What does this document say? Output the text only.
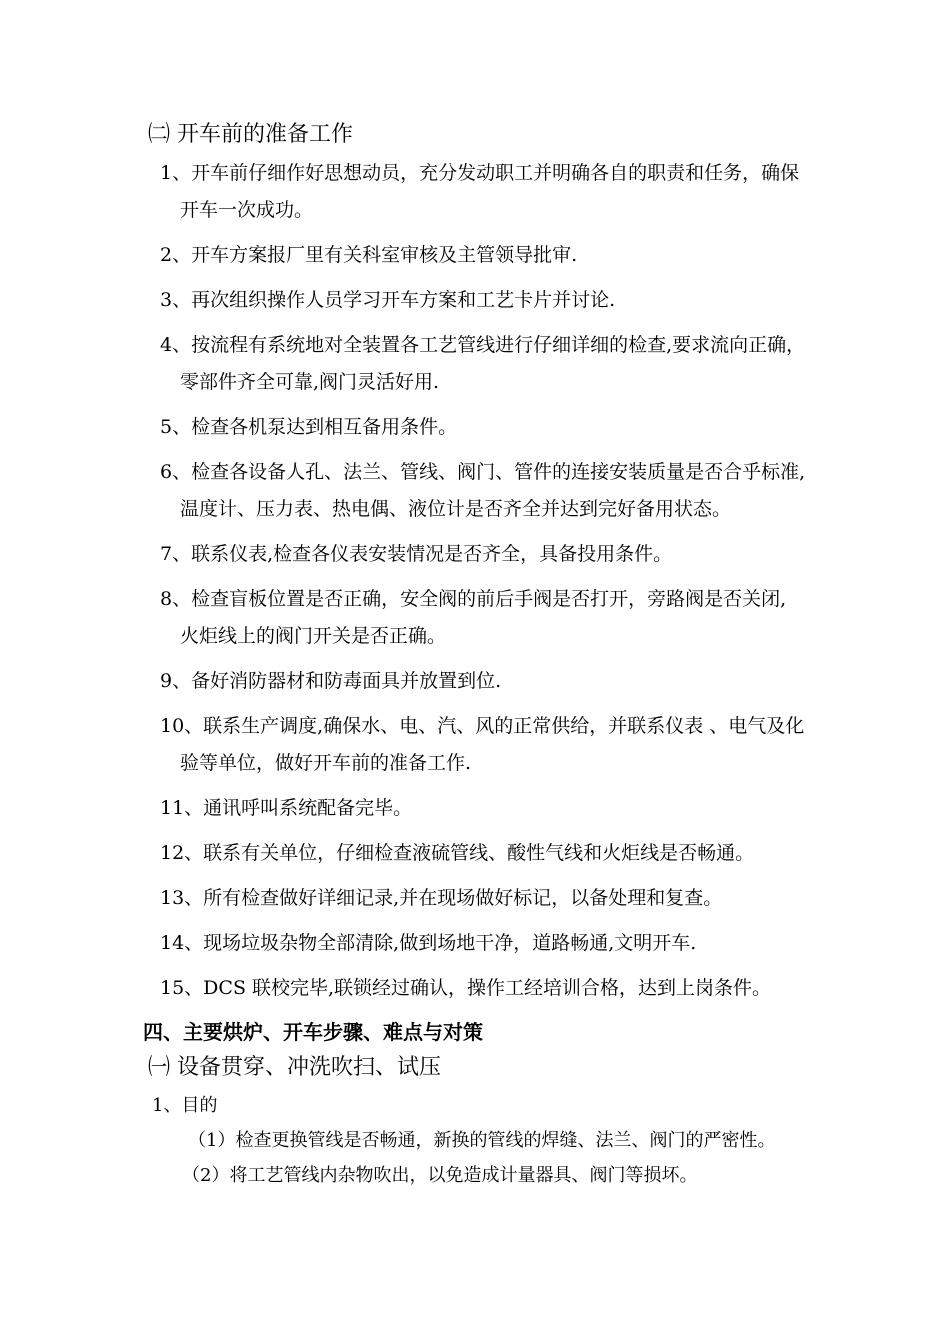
㈡ 开车前的准备工作
1、开车前仔细作好思想动员，充分发动职工并明确各自的职责和任务，确保
开车一次成功。
2、开车方案报厂里有关科室审核及主管领导批审.
3、再次组织操作人员学习开车方案和工艺卡片并讨论.
4、按流程有系统地对全装置各工艺管线进行仔细详细的检查,要求流向正确，
零部件齐全可靠,阀门灵活好用.
5、检查各机泵达到相互备用条件。
6、检查各设备人孔、法兰、管线、阀门、管件的连接安装质量是否合乎标准,
温度计、压力表、热电偶、液位计是否齐全并达到完好备用状态。
7、联系仪表,检查各仪表安装情况是否齐全，具备投用条件。
8、检查盲板位置是否正确，安全阀的前后手阀是否打开，旁路阀是否关闭,
火炬线上的阀门开关是否正确。
9、备好消防器材和防毒面具并放置到位.
10、联系生产调度,确保水、电、汽、风的正常供给，并联系仪表 、电气及化
验等单位，做好开车前的准备工作.
11、通讯呼叫系统配备完毕。
12、联系有关单位，仔细检查液硫管线、酸性气线和火炬线是否畅通。
13、所有检查做好详细记录,并在现场做好标记，以备处理和复查。
14、现场垃圾杂物全部清除,做到场地干净，道路畅通,文明开车.
15、DCS 联校完毕,联锁经过确认，操作工经培训合格，达到上岗条件。
四、主要烘炉、开车步骤、难点与对策
㈠ 设备贯穿、冲洗吹扫、试压
1、目的
（1）检查更换管线是否畅通，新换的管线的焊缝、法兰、阀门的严密性。
（2）将工艺管线内杂物吹出，以免造成计量器具、阀门等损坏。
